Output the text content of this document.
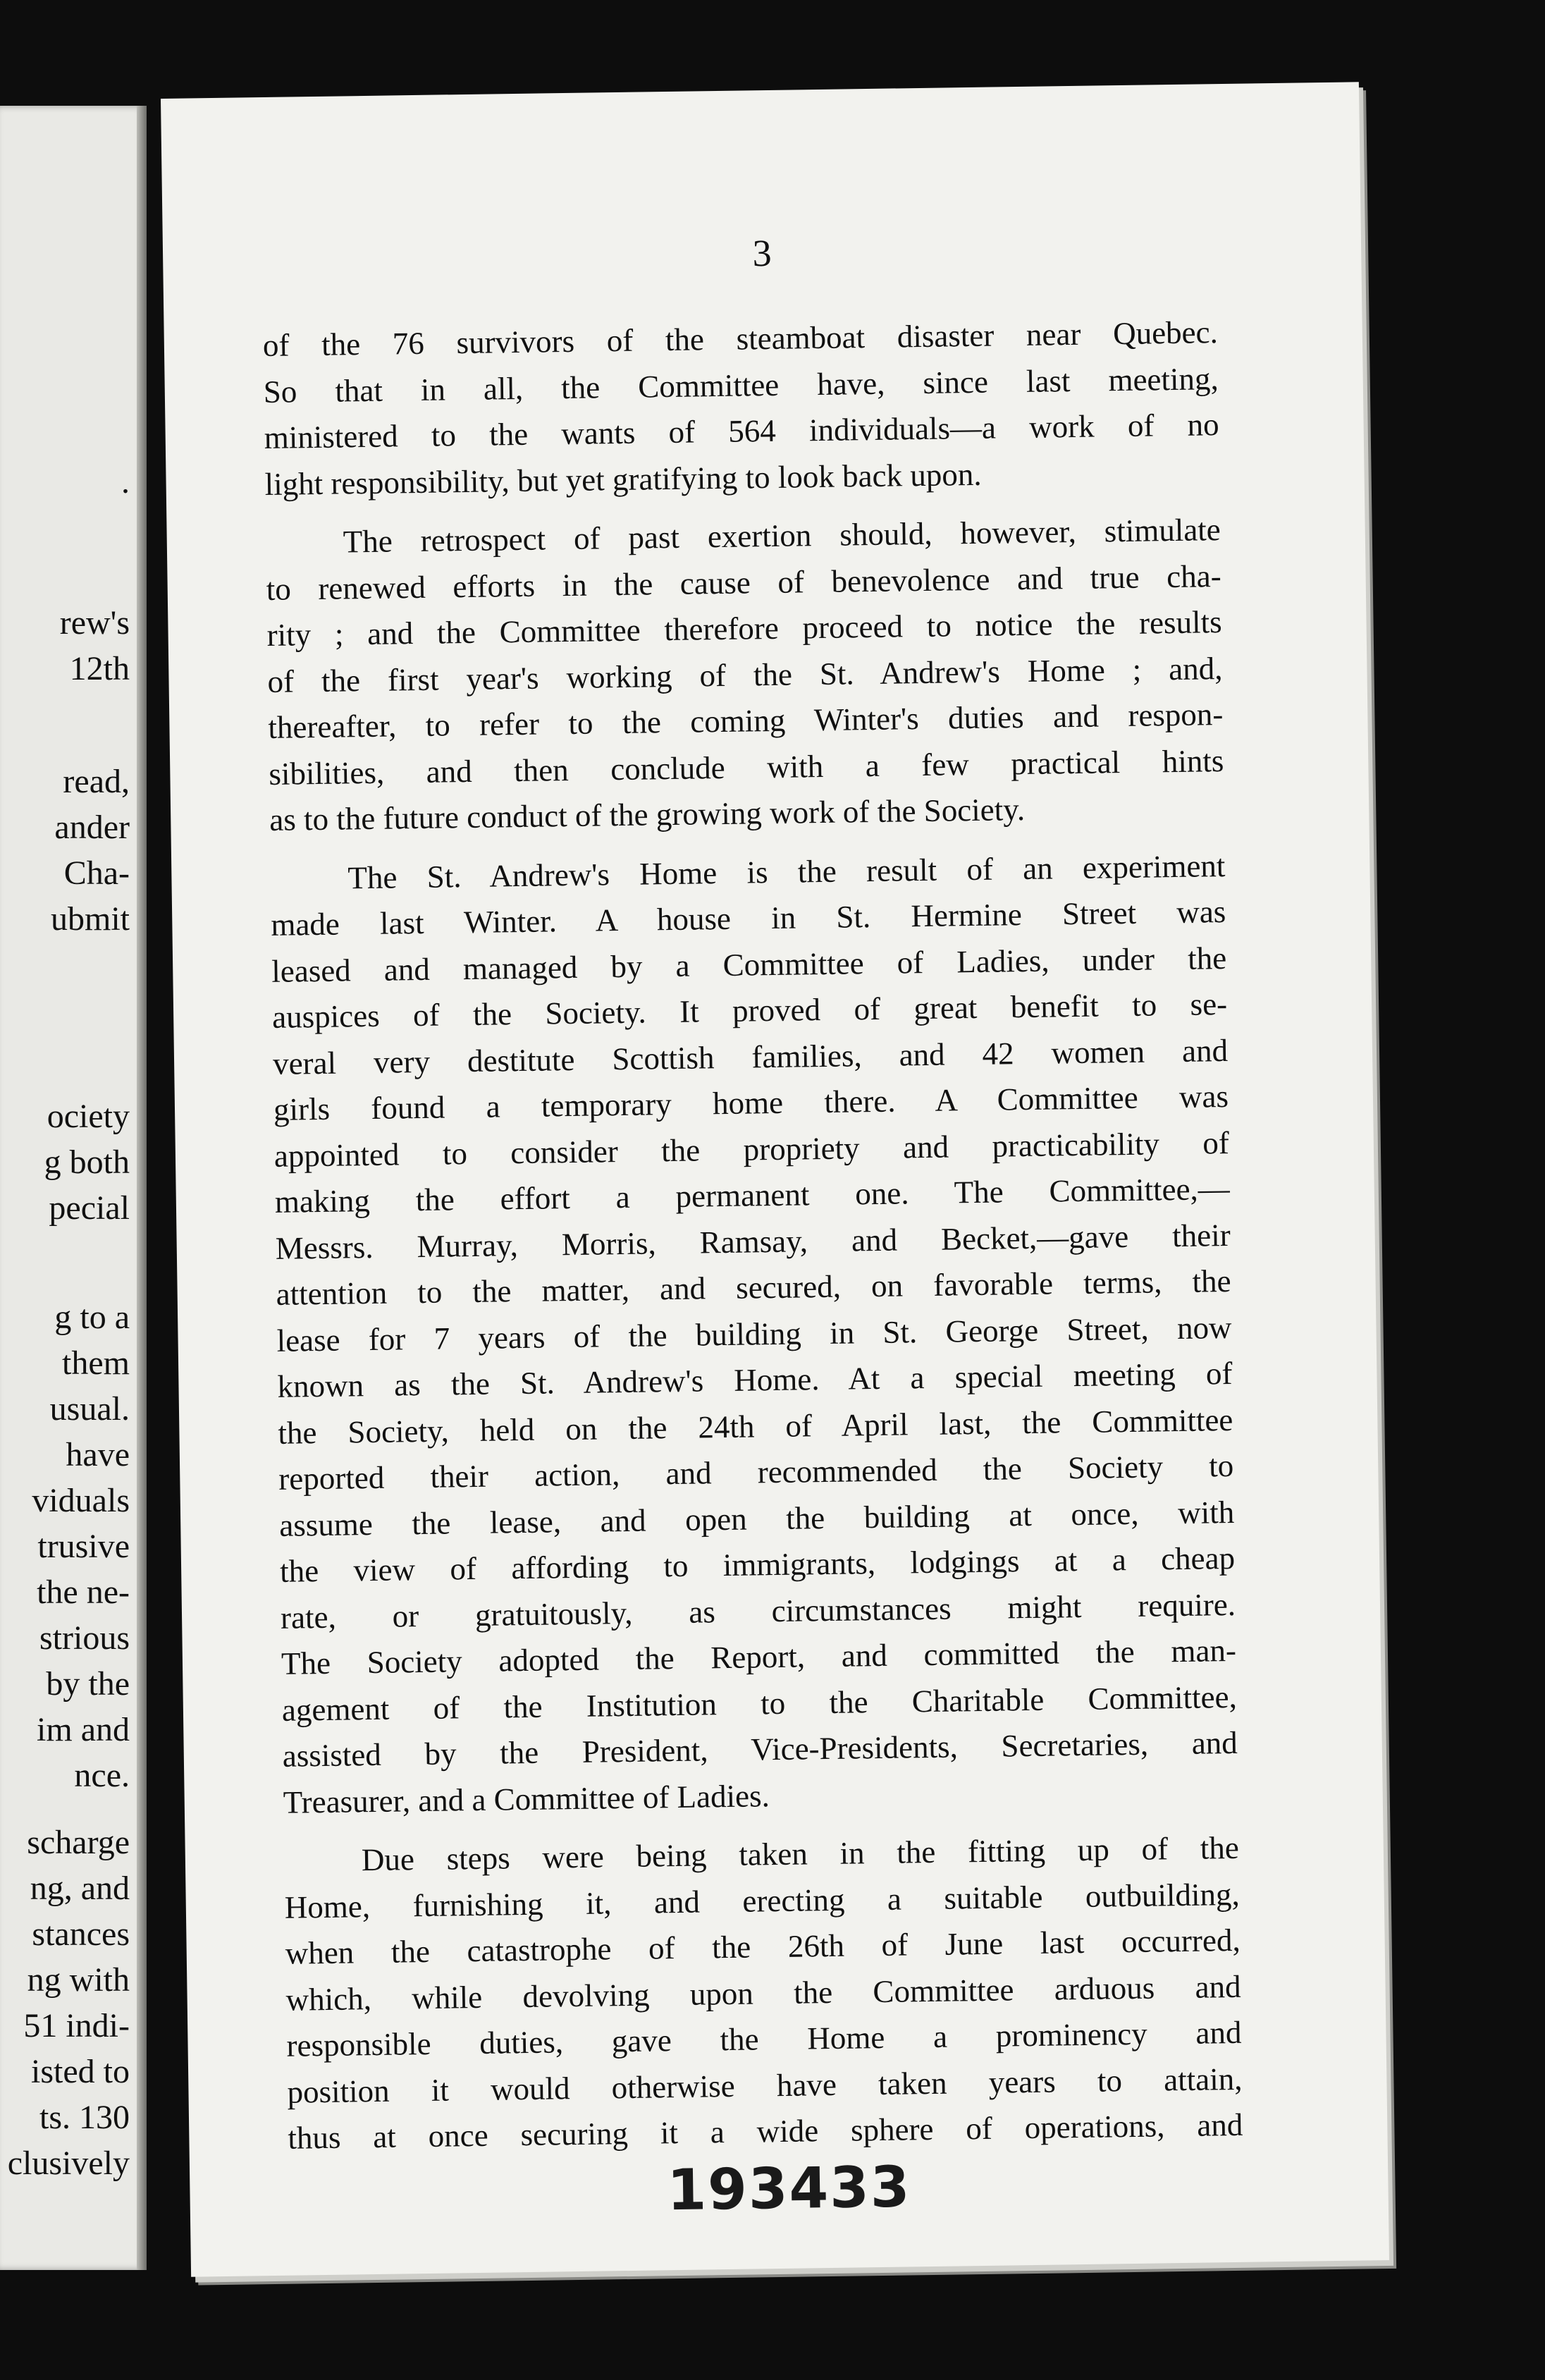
.
rew's
12th
read,
ander
Cha-
ubmit
ociety
g both
pecial
g to a
them
usual.
have
viduals
trusive
the ne-
strious
by the
im and
nce.
scharge
ng, and
stances
ng with
51 indi-
isted to
ts. 130
clusively
3
of the 76 survivors of the steamboat disaster near Quebec.
So that in all, the Committee have, since last meeting,
ministered to the wants of 564 individuals—a work of no
light responsibility, but yet gratifying to look back upon.
The retrospect of past exertion should, however, stimulate
to renewed efforts in the cause of benevolence and true cha-
rity ; and the Committee therefore proceed to notice the results
of the first year's working of the St. Andrew's Home ; and,
thereafter, to refer to the coming Winter's duties and respon-
sibilities, and then conclude with a few practical hints
as to the future conduct of the growing work of the Society.
The St. Andrew's Home is the result of an experiment
made last Winter. A house in St. Hermine Street was
leased and managed by a Committee of Ladies, under the
auspices of the Society. It proved of great benefit to se-
veral very destitute Scottish families, and 42 women and
girls found a temporary home there. A Committee was
appointed to consider the propriety and practicability of
making the effort a permanent one. The Committee,—
Messrs. Murray, Morris, Ramsay, and Becket,—gave their
attention to the matter, and secured, on favorable terms, the
lease for 7 years of the building in St. George Street, now
known as the St. Andrew's Home. At a special meeting of
the Society, held on the 24th of April last, the Committee
reported their action, and recommended the Society to
assume the lease, and open the building at once, with
the view of affording to immigrants, lodgings at a cheap
rate, or gratuitously, as circumstances might require.
The Society adopted the Report, and committed the man-
agement of the Institution to the Charitable Committee,
assisted by the President, Vice-Presidents, Secretaries, and
Treasurer, and a Committee of Ladies.
Due steps were being taken in the fitting up of the
Home, furnishing it, and erecting a suitable outbuilding,
when the catastrophe of the 26th of June last occurred,
which, while devolving upon the Committee arduous and
responsible duties, gave the Home a prominency and
position it would otherwise have taken years to attain,
thus at once securing it a wide sphere of operations, and
193433
